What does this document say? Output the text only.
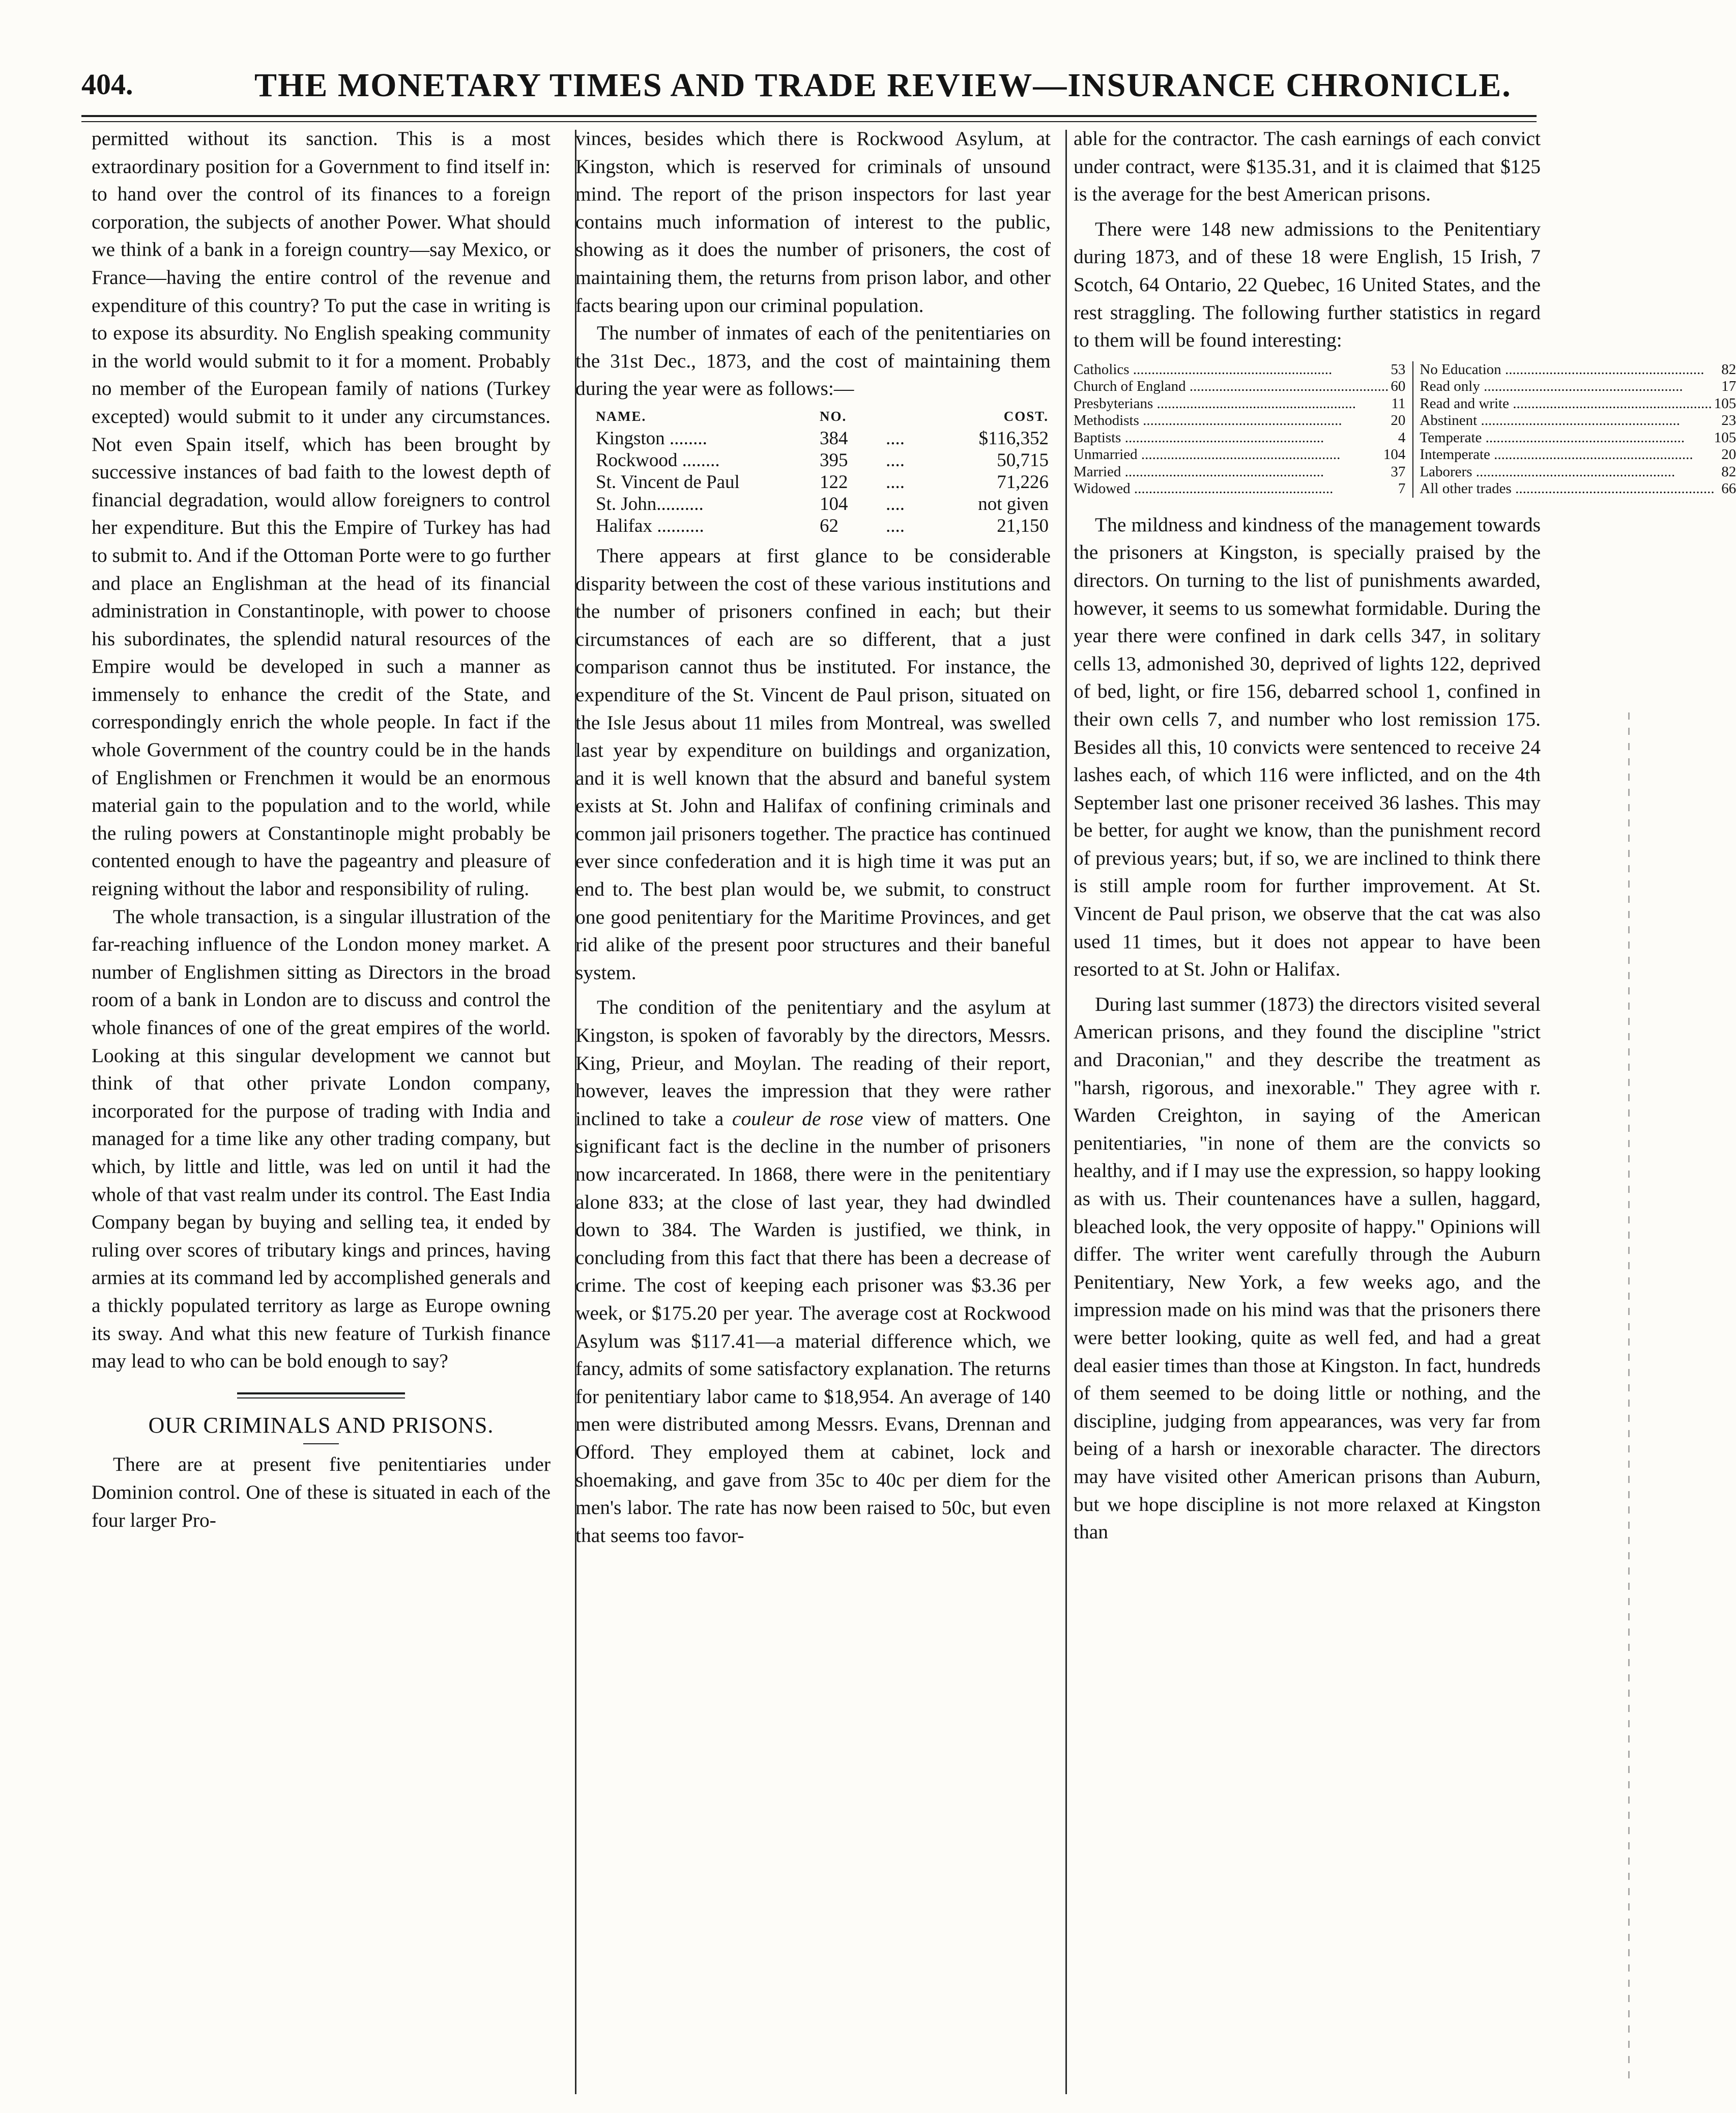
404.	THE MONETARY TIMES AND TRADE REVIEW—INSURANCE CHRONICLE.

permitted without its sanction. This is a most extraordinary position for a Government to find itself in: to hand over the control of its finances to a foreign corporation, the subjects of another Power. What should we think of a bank in a foreign country—say Mexico, or France—having the entire control of the revenue and expenditure of this country? To put the case in writing is to expose its absurdity. No English speaking community in the world would submit to it for a moment. Probably no member of the European family of nations (Turkey excepted) would submit to it under any circumstances. Not even Spain itself, which has been brought by successive instances of bad faith to the lowest depth of financial degradation, would allow foreigners to control her expenditure. But this the Empire of Turkey has had to submit to. And if the Ottoman Porte were to go further and place an Englishman at the head of its financial administration in Constantinople, with power to choose his subordinates, the splendid natural resources of the Empire would be developed in such a manner as immensely to enhance the credit of the State, and correspondingly enrich the whole people. In fact if the whole Government of the country could be in the hands of Englishmen or Frenchmen it would be an enormous material gain to the population and to the world, while the ruling powers at Constantinople might probably be contented enough to have the pageantry and pleasure of reigning without the labor and responsibility of ruling.

The whole transaction, is a singular illustration of the far-reaching influence of the London money market. A number of Englishmen sitting as Directors in the broad room of a bank in London are to discuss and control the whole finances of one of the great empires of the world. Looking at this singular development we cannot but think of that other private London company, incorporated for the purpose of trading with India and managed for a time like any other trading company, but which, by little and little, was led on until it had the whole of that vast realm under its control. The East India Company began by buying and selling tea, it ended by ruling over scores of tributary kings and princes, having armies at its command led by accomplished generals and a thickly populated territory as large as Europe owning its sway. And what this new feature of Turkish finance may lead to who can be bold enough to say?

OUR CRIMINALS AND PRISONS.

There are at present five penitentiaries under Dominion control. One of these is situated in each of the four larger Pro-

vinces, besides which there is Rockwood Asylum, at Kingston, which is reserved for criminals of unsound mind. The report of the prison inspectors for last year contains much information of interest to the public, showing as it does the number of prisoners, the cost of maintaining them, the returns from prison labor, and other facts bearing upon our criminal population.

The number of inmates of each of the penitentiaries on the 31st Dec., 1873, and the cost of maintaining them during the year were as follows:—

NAME.	NO.		COST.
Kingston ........	384	....	$116,352
Rockwood ........	395	....	50,715
St. Vincent de Paul	122	....	71,226
St. John..........	104	....	not given
Halifax ..........	62	....	21,150

There appears at first glance to be considerable disparity between the cost of these various institutions and the number of prisoners confined in each; but their circumstances of each are so different, that a just comparison cannot thus be instituted. For instance, the expenditure of the St. Vincent de Paul prison, situated on the Isle Jesus about 11 miles from Montreal, was swelled last year by expenditure on buildings and organization, and it is well known that the absurd and baneful system exists at St. John and Halifax of confining criminals and common jail prisoners together. The practice has continued ever since confederation and it is high time it was put an end to. The best plan would be, we submit, to construct one good penitentiary for the Maritime Provinces, and get rid alike of the present poor structures and their baneful system.

The condition of the penitentiary and the asylum at Kingston, is spoken of favorably by the directors, Messrs. King, Prieur, and Moylan. The reading of their report, however, leaves the impression that they were rather inclined to take a couleur de rose view of matters. One significant fact is the decline in the number of prisoners now incarcerated. In 1868, there were in the penitentiary alone 833; at the close of last year, they had dwindled down to 384. The Warden is justified, we think, in concluding from this fact that there has been a decrease of crime. The cost of keeping each prisoner was $3.36 per week, or $175.20 per year. The average cost at Rockwood Asylum was $117.41—a material difference which, we fancy, admits of some satisfactory explanation. The returns for penitentiary labor came to $18,954. An average of 140 men were distributed among Messrs. Evans, Drennan and Offord. They employed them at cabinet, lock and shoemaking, and gave from 35c to 40c per diem for the men's labor. The rate has now been raised to 50c, but even that seems too favor-

able for the contractor. The cash earnings of each convict under contract, were $135.31, and it is claimed that $125 is the average for the best American prisons.

There were 148 new admissions to the Penitentiary during 1873, and of these 18 were English, 15 Irish, 7 Scotch, 64 Ontario, 22 Quebec, 16 United States, and the rest straggling. The following further statistics in regard to them will be found interesting:

Catholics .....	53
Church of England .....	60
Presbyterians .....	11
Methodists .....	20
Baptists .....	4
Unmarried .....	104
Married .....	37
Widowed .....	7
No Education .....	82
Read only .....	17
Read and write .....	105
Abstinent .....	23
Temperate .....	105
Intemperate .....	20
Laborers .....	82
All other trades .....	66

The mildness and kindness of the management towards the prisoners at Kingston, is specially praised by the directors. On turning to the list of punishments awarded, however, it seems to us somewhat formidable. During the year there were confined in dark cells 347, in solitary cells 13, admonished 30, deprived of lights 122, deprived of bed, light, or fire 156, debarred school 1, confined in their own cells 7, and number who lost remission 175. Besides all this, 10 convicts were sentenced to receive 24 lashes each, of which 116 were inflicted, and on the 4th September last one prisoner received 36 lashes. This may be better, for aught we know, than the punishment record of previous years; but, if so, we are inclined to think there is still ample room for further improvement. At St. Vincent de Paul prison, we observe that the cat was also used 11 times, but it does not appear to have been resorted to at St. John or Halifax.

During last summer (1873) the directors visited several American prisons, and they found the discipline "strict and Draconian," and they describe the treatment as "harsh, rigorous, and inexorable." They agree with r. Warden Creighton, in saying of the American penitentiaries, "in none of them are the convicts so healthy, and if I may use the expression, so happy looking as with us. Their countenances have a sullen, haggard, bleached look, the very opposite of happy." Opinions will differ. The writer went carefully through the Auburn Penitentiary, New York, a few weeks ago, and the impression made on his mind was that the prisoners there were better looking, quite as well fed, and had a great deal easier times than those at Kingston. In fact, hundreds of them seemed to be doing little or nothing, and the discipline, judging from appearances, was very far from being of a harsh or inexorable character. The directors may have visited other American prisons than Auburn, but we hope discipline is not more relaxed at Kingston than
